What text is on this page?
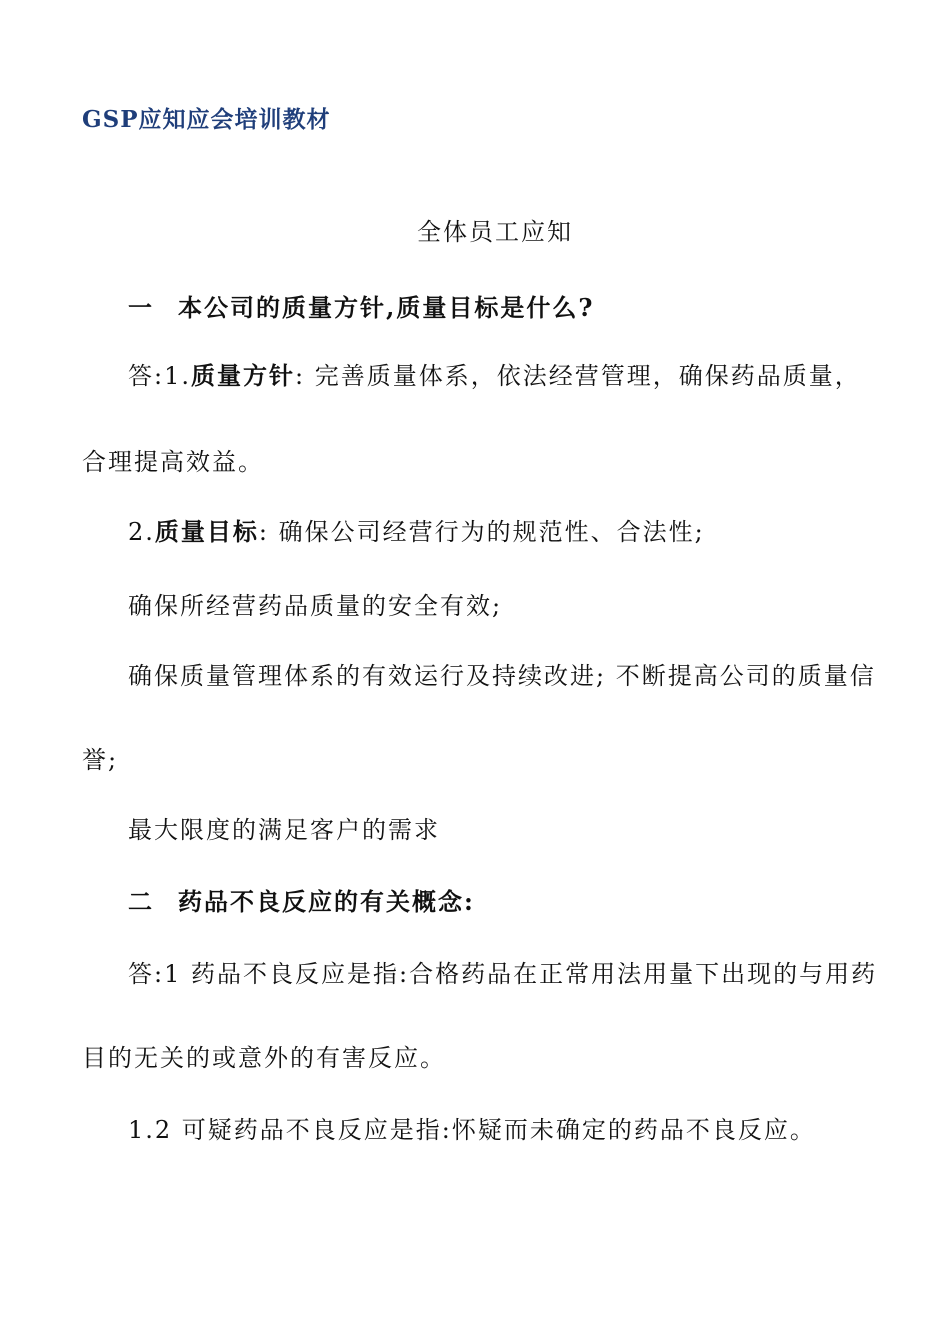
GSP应知应会培训教材
全体员工应知
一 本公司的质量方针,质量目标是什么?
答:1.质量方针: 完善质量体系，依法经营管理，确保药品质量，
合理提高效益。
2.质量目标: 确保公司经营行为的规范性、合法性;
确保所经营药品质量的安全有效;
确保质量管理体系的有效运行及持续改进; 不断提高公司的质量信
誉;
最大限度的满足客户的需求
二 药品不良反应的有关概念:
答:1 药品不良反应是指:合格药品在正常用法用量下出现的与用药
目的无关的或意外的有害反应。
1.2 可疑药品不良反应是指:怀疑而未确定的药品不良反应。
